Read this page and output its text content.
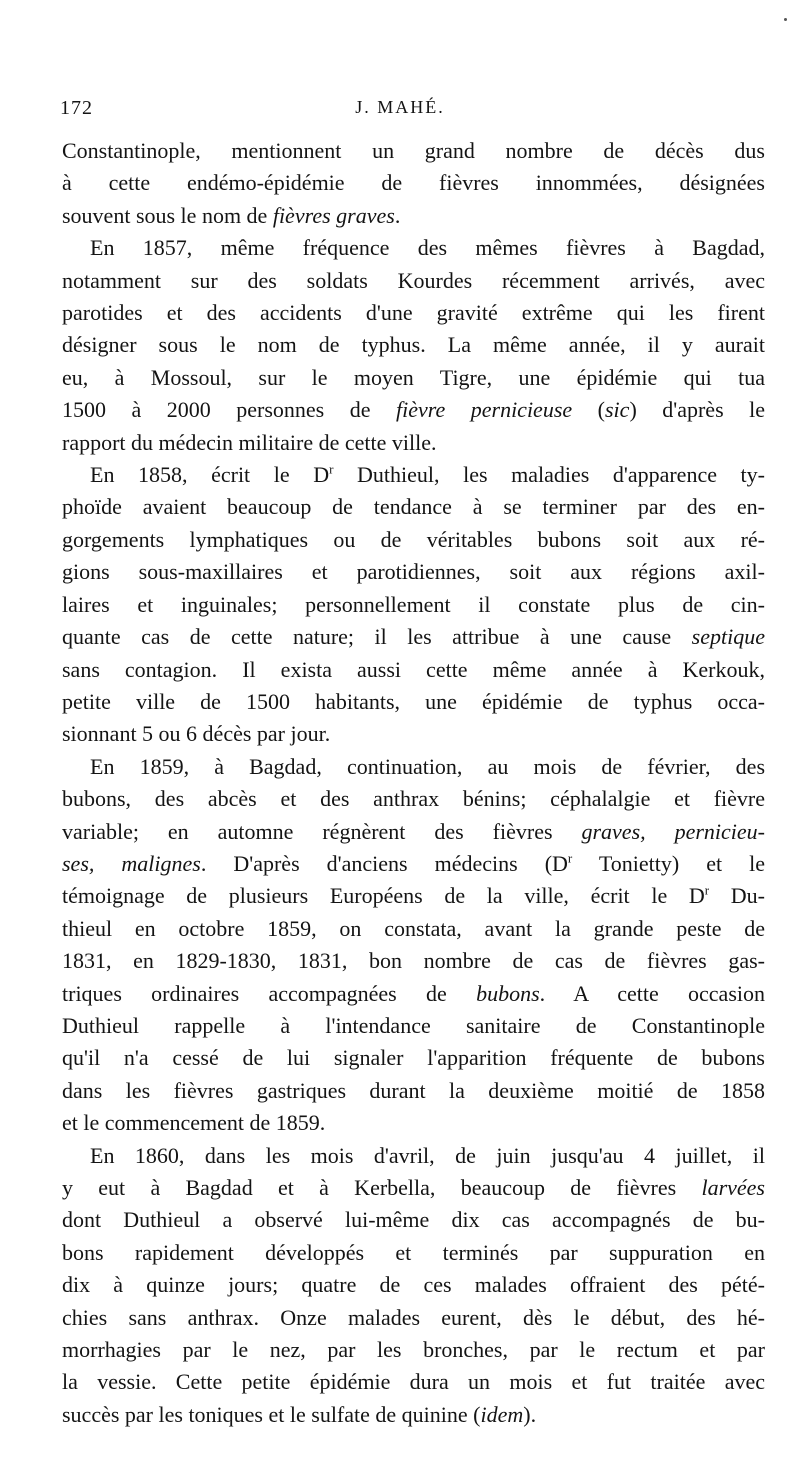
172	J. MAHÉ.
Constantinople, mentionnent un grand nombre de décès dus
à cette endémo-épidémie de fièvres innommées, désignées
souvent sous le nom de fièvres graves.
En 1857, même fréquence des mêmes fièvres à Bagdad,
notamment sur des soldats Kourdes récemment arrivés, avec
parotides et des accidents d'une gravité extrême qui les firent
désigner sous le nom de typhus. La même année, il y aurait
eu, à Mossoul, sur le moyen Tigre, une épidémie qui tua
1500 à 2000 personnes de fièvre pernicieuse (sic) d'après le
rapport du médecin militaire de cette ville.
En 1858, écrit le $D^r$ Duthieul, les maladies d'apparence ty-
phoïde avaient beaucoup de tendance à se terminer par des en-
gorgements lymphatiques ou de véritables bubons soit aux ré-
gions sous-maxillaires et parotidiennes, soit aux régions axil-
laires et inguinales; personnellement il constate plus de cin-
quante cas de cette nature; il les attribue à une cause septique
sans contagion. Il exista aussi cette même année à Kerkouk,
petite ville de 1500 habitants, une épidémie de typhus occa-
sionnant 5 ou 6 décès par jour.
En 1859, à Bagdad, continuation, au mois de février, des
bubons, des abcès et des anthrax bénins; céphalalgie et fièvre
variable; en automne régnèrent des fièvres graves, pernicieu-
ses, malignes. D'après d'anciens médecins ($D^r$ Tonietty) et le
témoignage de plusieurs Européens de la ville, écrit le $D^r$ Du-
thieul en octobre 1859, on constata, avant la grande peste de
1831, en 1829-1830, 1831, bon nombre de cas de fièvres gas-
triques ordinaires accompagnées de bubons. A cette occasion
Duthieul rappelle à l'intendance sanitaire de Constantinople
qu'il n'a cessé de lui signaler l'apparition fréquente de bubons
dans les fièvres gastriques durant la deuxième moitié de 1858
et le commencement de 1859.
En 1860, dans les mois d'avril, de juin jusqu'au 4 juillet, il
y eut à Bagdad et à Kerbella, beaucoup de fièvres larvées
dont Duthieul a observé lui-même dix cas accompagnés de bu-
bons rapidement développés et terminés par suppuration en
dix à quinze jours; quatre de ces malades offraient des pété-
chies sans anthrax. Onze malades eurent, dès le début, des hé-
morrhagies par le nez, par les bronches, par le rectum et par
la vessie. Cette petite épidémie dura un mois et fut traitée avec
succès par les toniques et le sulfate de quinine (idem).
